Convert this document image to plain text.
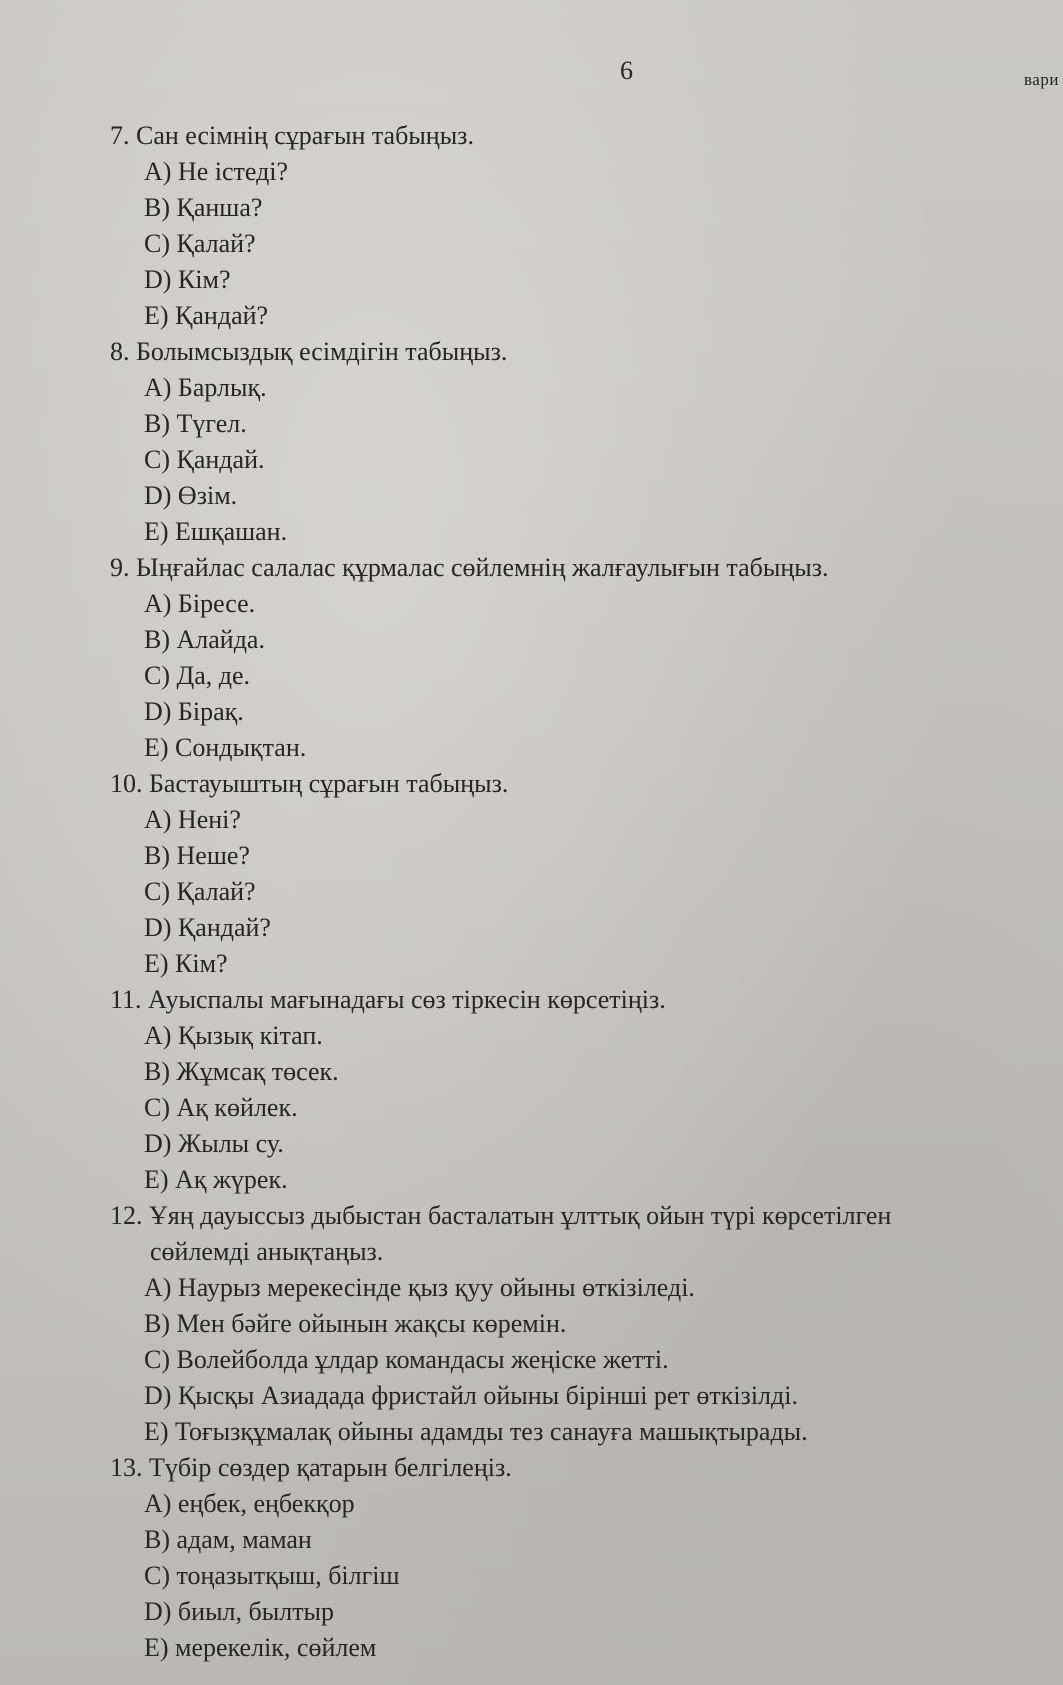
6	вари

7. Сан есімнің сұрағын табыңыз.

A) Не істеді?
B) Қанша?
C) Қалай?
D) Кім?
E) Қандай?

8. Болымсыздық есімдігін табыңыз.

A) Барлық.
B) Түгел.
C) Қандай.
D) Өзім.
E) Ешқашан.

9. Ыңғайлас салалас құрмалас сөйлемнің жалғаулығын табыңыз.

A) Біресе.
B) Алайда.
C) Да, де.
D) Бірақ.
E) Сондықтан.

10. Бастауыштың сұрағын табыңыз.

A) Нені?
B) Неше?
C) Қалай?
D) Қандай?
E) Кім?

11. Ауыспалы мағынадағы сөз тіркесін көрсетіңіз.

A) Қызық кітап.
B) Жұмсақ төсек.
C) Ақ көйлек.
D) Жылы су.
E) Ақ жүрек.

12. Ұяң дауыссыз дыбыстан басталатын ұлттық ойын түрі көрсетілген

сөйлемді анықтаңыз.

A) Наурыз мерекесінде қыз қуу ойыны өткізіледі.
B) Мен бәйге ойынын жақсы көремін.
C) Волейболда ұлдар командасы жеңіске жетті.
D) Қысқы Азиадада фристайл ойыны бірінші рет өткізілді.
E) Тоғызқұмалақ ойыны адамды тез санауға машықтырады.

13. Түбір сөздер қатарын белгілеңіз.

A) еңбек, еңбекқор
B) адам, маман
C) тоңазытқыш, білгіш
D) биыл, былтыр
E) мерекелік, сөйлем
